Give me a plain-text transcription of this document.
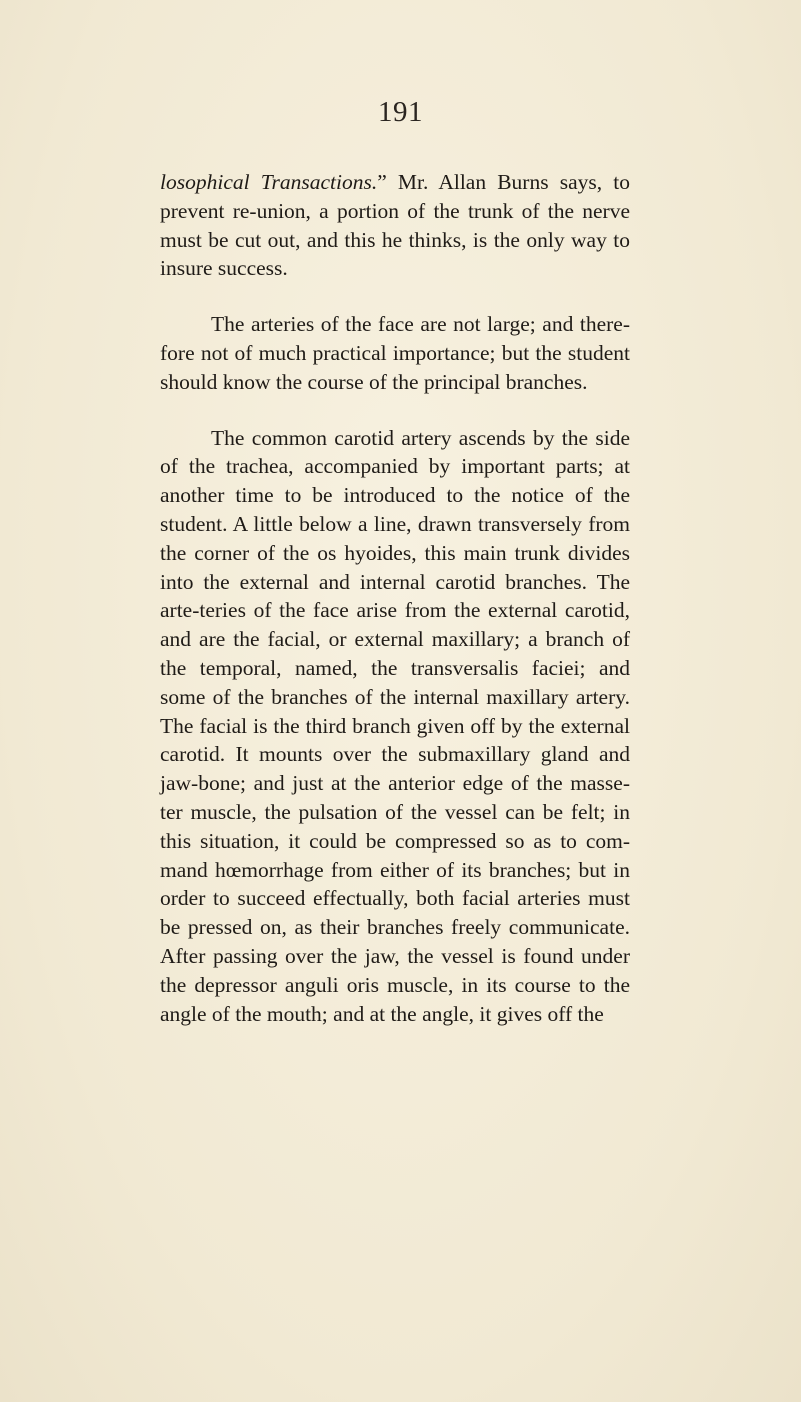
191

losophical Transactions.” Mr. Allan Burns says, to prevent re-union, a portion of the trunk of the nerve must be cut out, and this he thinks, is the only way to insure success.

The arteries of the face are not large; and there-fore not of much practical importance; but the student should know the course of the principal branches.

The common carotid artery ascends by the side of the trachea, accompanied by important parts; at another time to be introduced to the notice of the student. A little below a line, drawn transversely from the corner of the os hyoides, this main trunk divides into the external and internal carotid branches. The arte-teries of the face arise from the external carotid, and are the facial, or external maxillary; a branch of the temporal, named, the transversalis faciei; and some of the branches of the internal maxillary artery. The facial is the third branch given off by the external carotid. It mounts over the submaxillary gland and jaw-bone; and just at the anterior edge of the masse-ter muscle, the pulsation of the vessel can be felt; in this situation, it could be compressed so as to com-mand hœmorrhage from either of its branches; but in order to succeed effectually, both facial arteries must be pressed on, as their branches freely communicate. After passing over the jaw, the vessel is found under the depressor anguli oris muscle, in its course to the angle of the mouth; and at the angle, it gives off the
